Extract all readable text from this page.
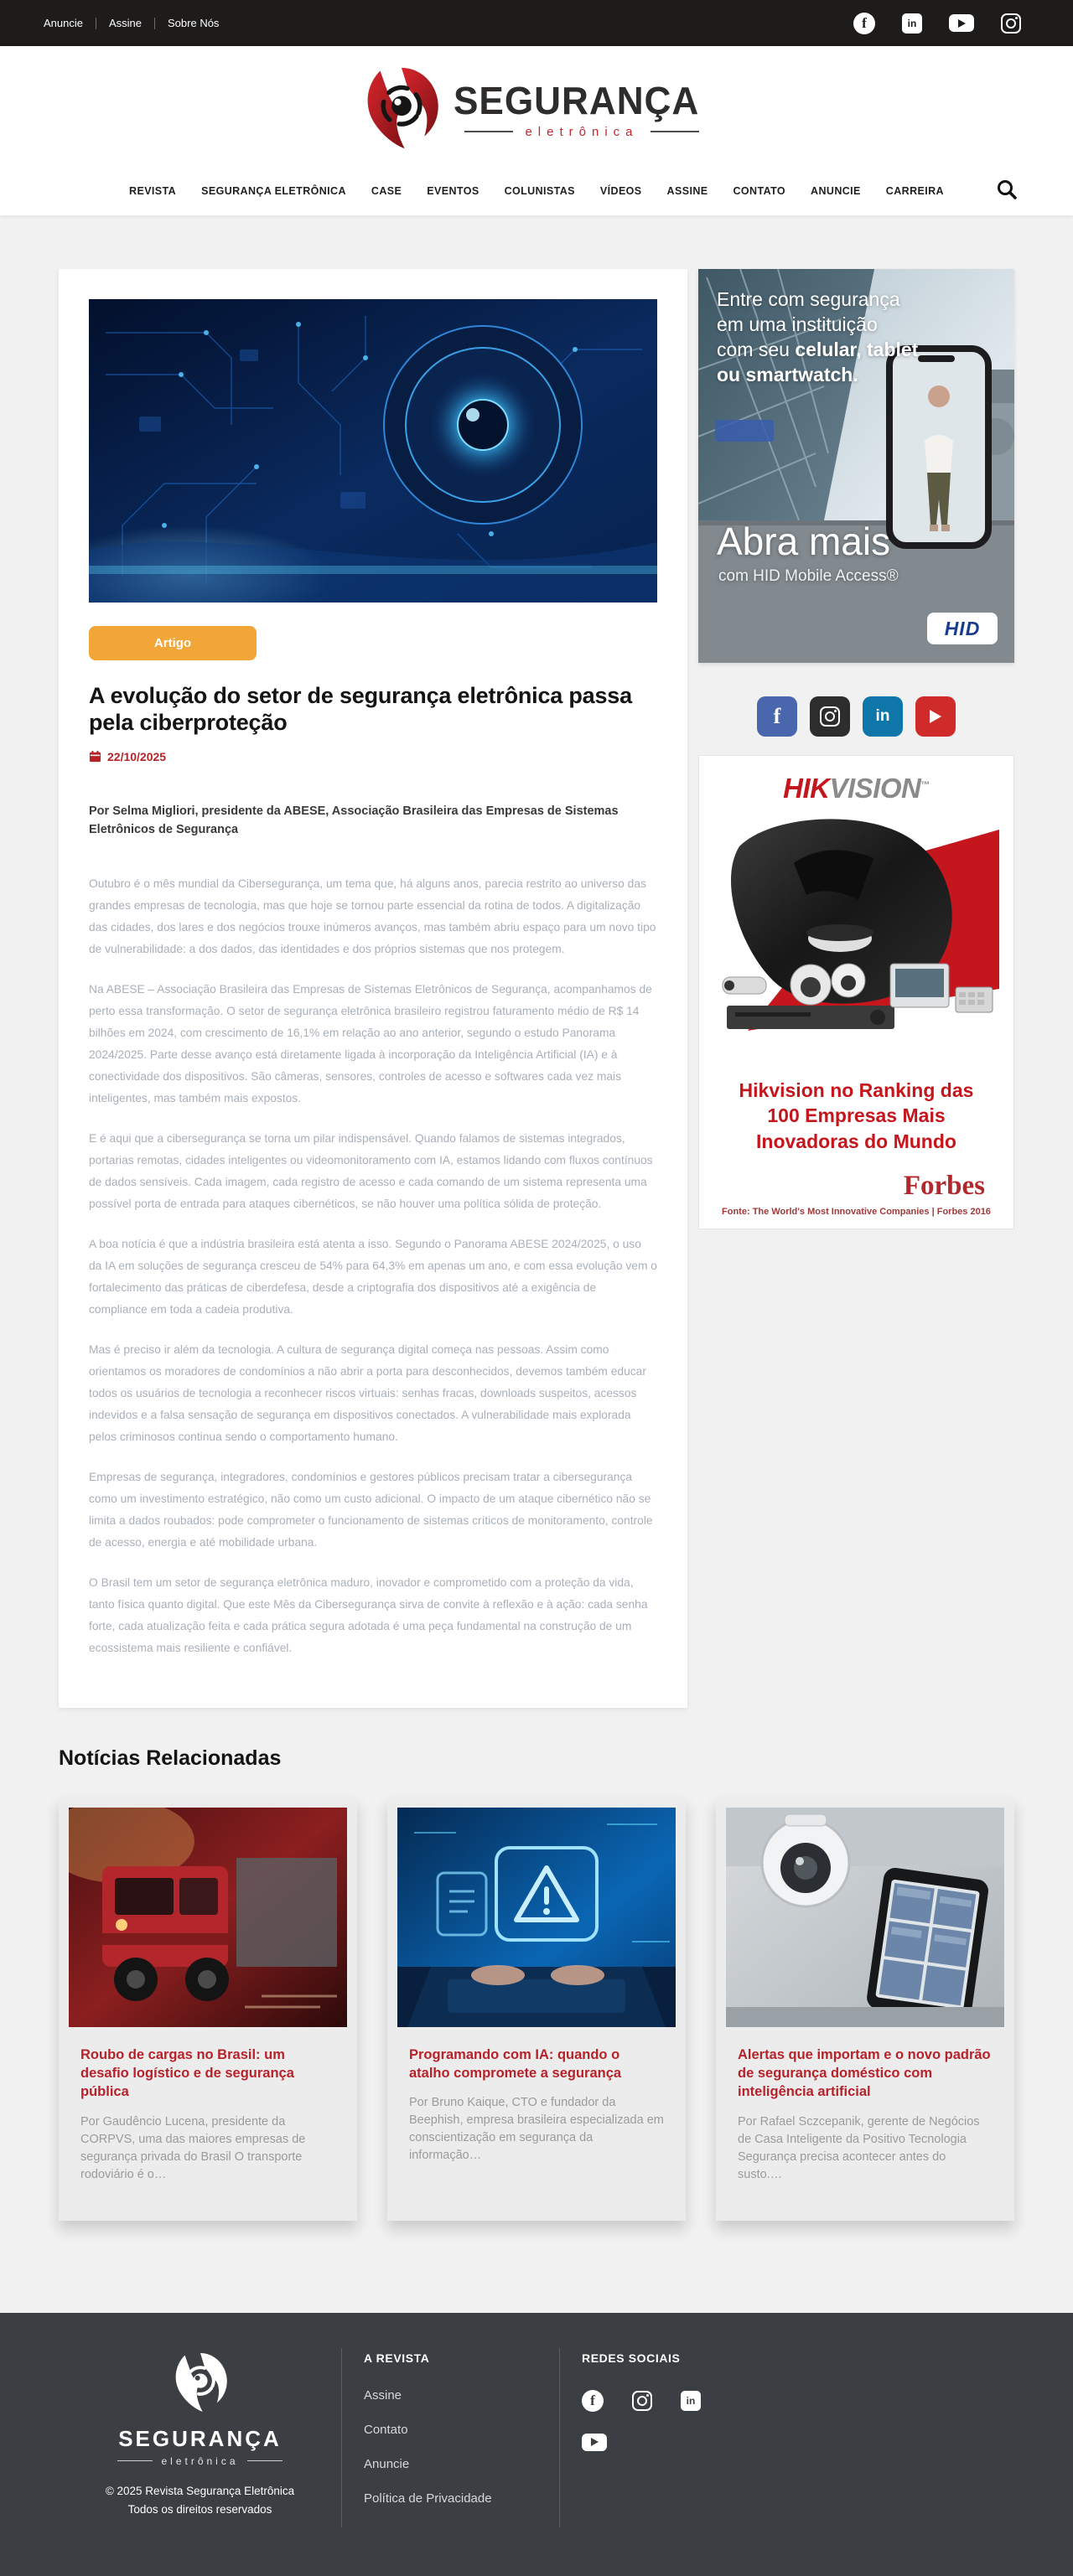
Anuncie	Assine	Sobre Nós
f
in
SEGURANÇA
eletrônica
REVISTA SEGURANÇA ELETRÔNICA CASE EVENTOS COLUNISTAS VÍDEOS ASSINE CONTATO ANUNCIE CARREIRA
Artigo
A evolução do setor de segurança eletrônica passa pela ciberproteção
22/10/2025

Por Selma Migliori, presidente da ABESE, Associação Brasileira das Empresas de Sistemas Eletrônicos de Segurança

Outubro é o mês mundial da Cibersegurança, um tema que, há alguns anos, parecia restrito ao universo das grandes empresas de tecnologia, mas que hoje se tornou parte essencial da rotina de todos. A digitalização das cidades, dos lares e dos negócios trouxe inúmeros avanços, mas também abriu espaço para um novo tipo de vulnerabilidade: a dos dados, das identidades e dos próprios sistemas que nos protegem.

Na ABESE – Associação Brasileira das Empresas de Sistemas Eletrônicos de Segurança, acompanhamos de perto essa transformação. O setor de segurança eletrônica brasileiro registrou faturamento médio de R$ 14 bilhões em 2024, com crescimento de 16,1% em relação ao ano anterior, segundo o estudo Panorama 2024/2025. Parte desse avanço está diretamente ligada à incorporação da Inteligência Artificial (IA) e à conectividade dos dispositivos. São câmeras, sensores, controles de acesso e softwares cada vez mais inteligentes, mas também mais expostos.

E é aqui que a cibersegurança se torna um pilar indispensável. Quando falamos de sistemas integrados, portarias remotas, cidades inteligentes ou videomonitoramento com IA, estamos lidando com fluxos contínuos de dados sensíveis. Cada imagem, cada registro de acesso e cada comando de um sistema representa uma possível porta de entrada para ataques cibernéticos, se não houver uma política sólida de proteção.

A boa notícia é que a indústria brasileira está atenta a isso. Segundo o Panorama ABESE 2024/2025, o uso da IA em soluções de segurança cresceu de 54% para 64,3% em apenas um ano, e com essa evolução vem o fortalecimento das práticas de ciberdefesa, desde a criptografia dos dispositivos até a exigência de compliance em toda a cadeia produtiva.

Mas é preciso ir além da tecnologia. A cultura de segurança digital começa nas pessoas. Assim como orientamos os moradores de condomínios a não abrir a porta para desconhecidos, devemos também educar todos os usuários de tecnologia a reconhecer riscos virtuais: senhas fracas, downloads suspeitos, acessos indevidos e a falsa sensação de segurança em dispositivos conectados. A vulnerabilidade mais explorada pelos criminosos continua sendo o comportamento humano.

Empresas de segurança, integradores, condomínios e gestores públicos precisam tratar a cibersegurança como um investimento estratégico, não como um custo adicional. O impacto de um ataque cibernético não se limita a dados roubados: pode comprometer o funcionamento de sistemas críticos de monitoramento, controle de acesso, energia e até mobilidade urbana.

O Brasil tem um setor de segurança eletrônica maduro, inovador e comprometido com a proteção da vida, tanto física quanto digital. Que este Mês da Cibersegurança sirva de convite à reflexão e à ação: cada senha forte, cada atualização feita e cada prática segura adotada é uma peça fundamental na construção de um ecossistema mais resiliente e confiável.

Entre com segurança
em uma instituição
com seu celular, tablet
ou smartwatch.
Abra mais
com HID Mobile Access®
HID
f
in
HIKVISION™
Hikvision no Ranking das 100 Empresas Mais Inovadoras do Mundo
Forbes
Fonte: The World's Most Innovative Companies | Forbes 2016
Notícias Relacionadas
Roubo de cargas no Brasil: um desafio logístico e de segurança pública

Por Gaudêncio Lucena, presidente da CORPVS, uma das maiores empresas de segurança privada do Brasil O transporte rodoviário é o…

Programando com IA: quando o atalho compromete a segurança

Por Bruno Kaique, CTO e fundador da Beephish, empresa brasileira especializada em conscientização em segurança da informação…

Alertas que importam e o novo padrão de segurança doméstico com inteligência artificial

Por Rafael Sczcepanik, gerente de Negócios de Casa Inteligente da Positivo Tecnologia Segurança precisa acontecer antes do susto.…

SEGURANÇA
eletrônica
© 2025 Revista Segurança Eletrônica
Todos os direitos reservados
A REVISTA
Assine
Contato
Anuncie
Política de Privacidade
REDES SOCIAIS
f
in
